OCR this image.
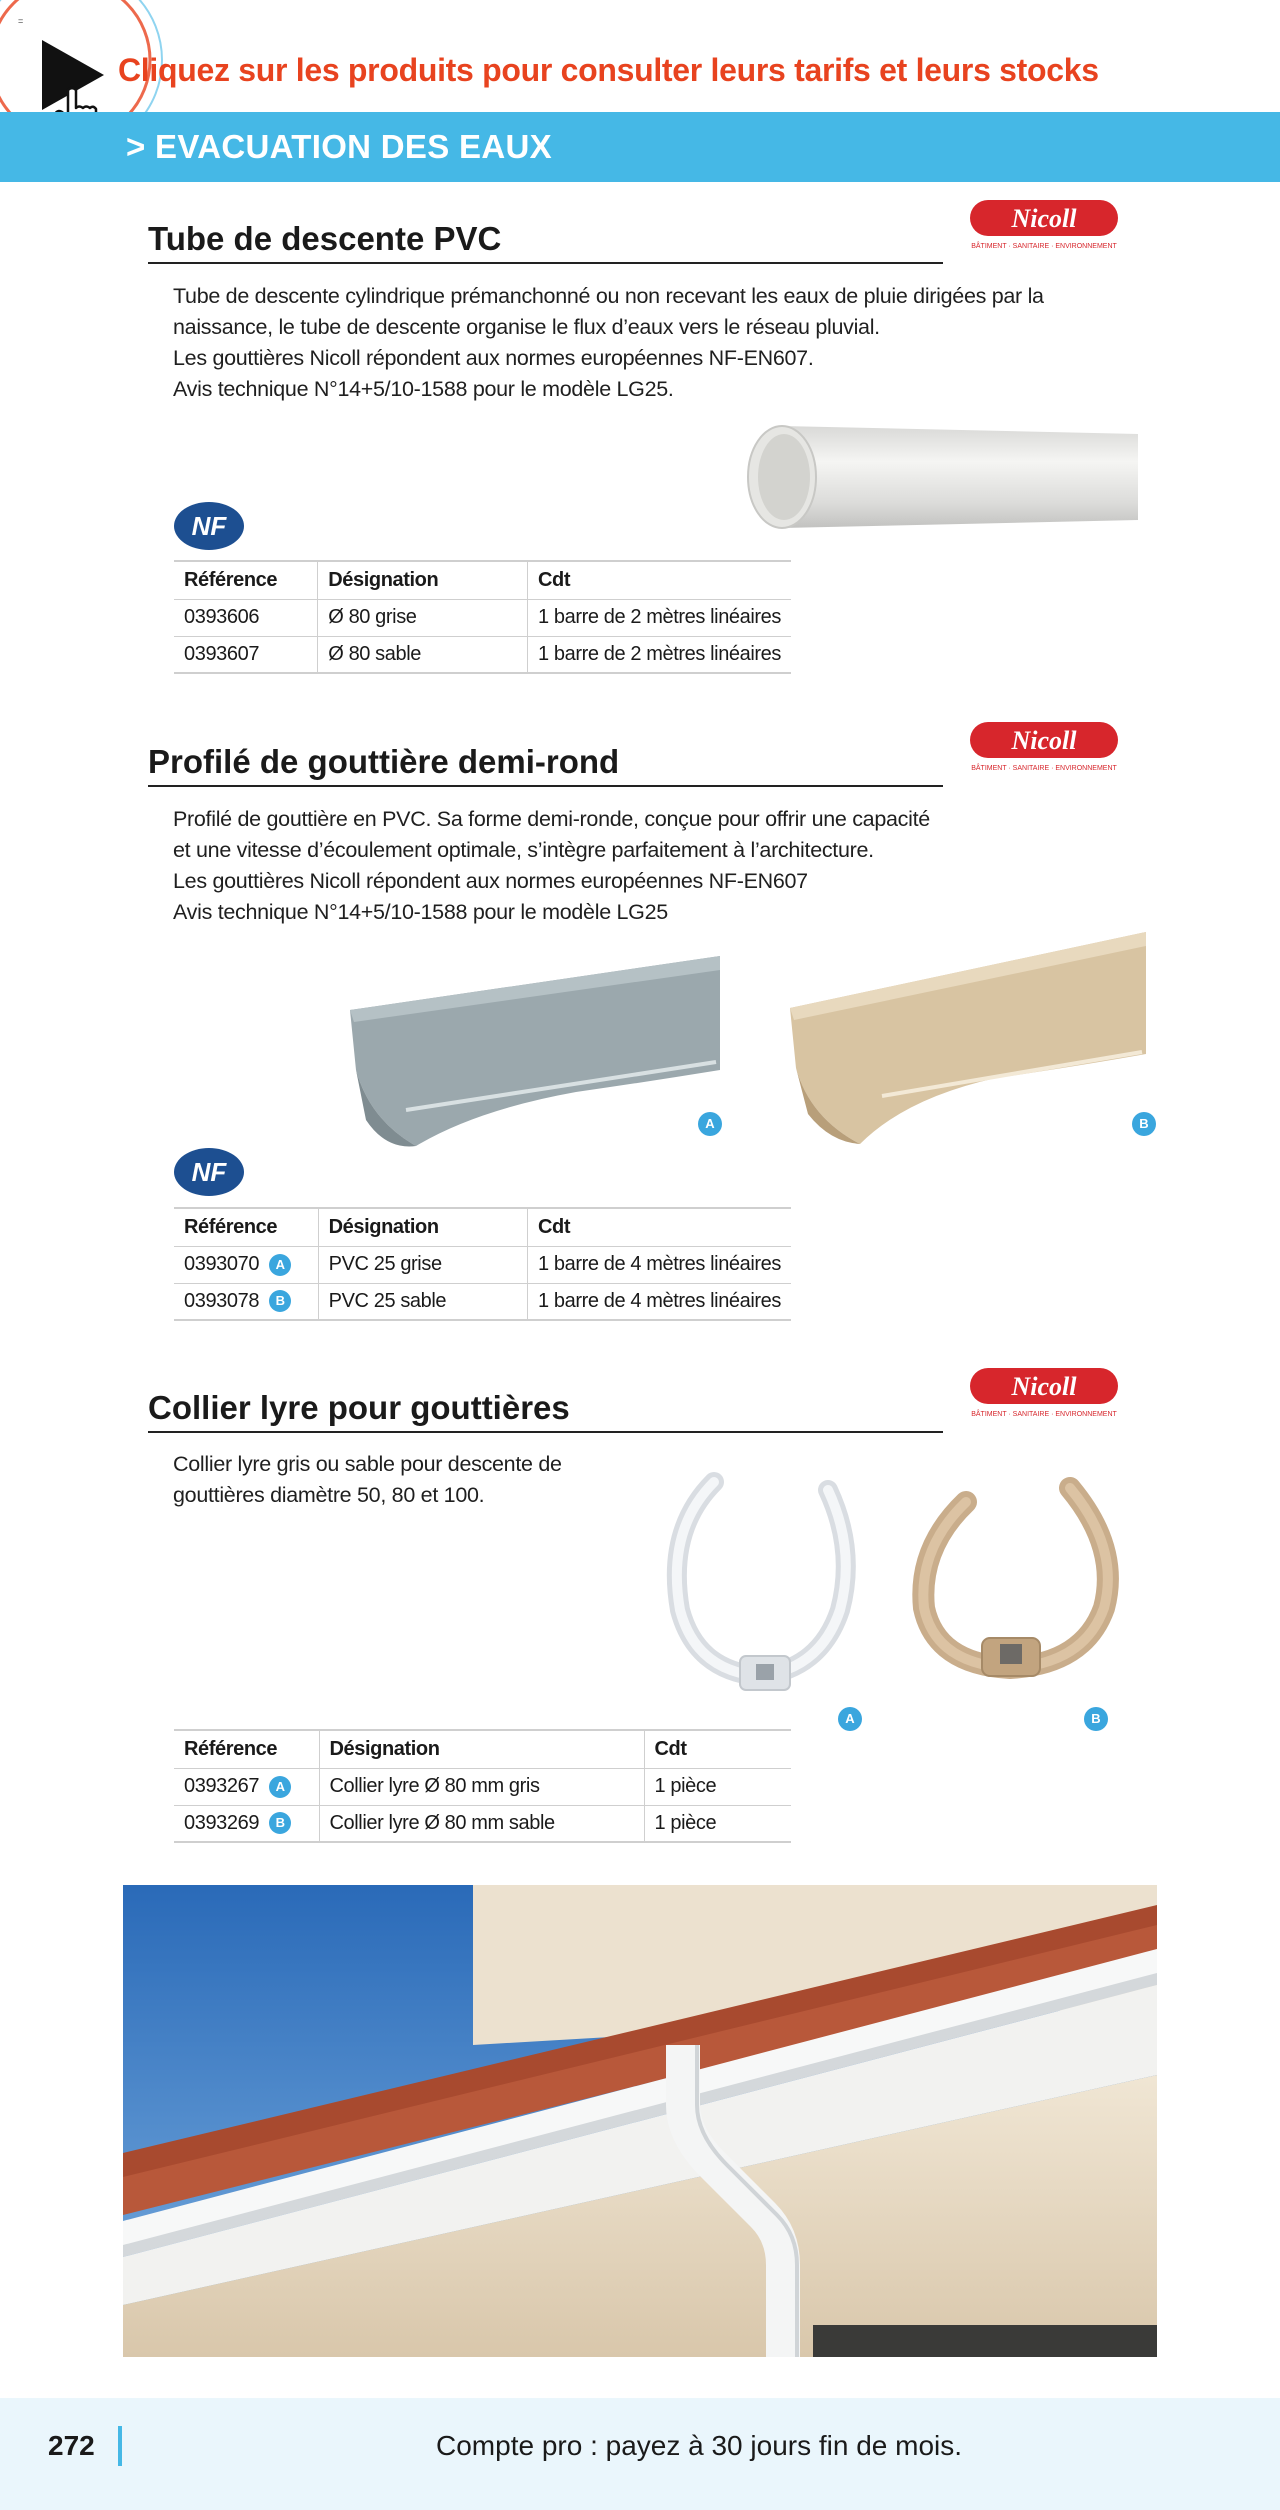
=
Cliquez sur les produits pour consulter leurs tarifs et leurs stocks
> EVACUATION DES EAUX
Tube de descente PVC
Nicoll
BÂTIMENT · SANITAIRE · ENVIRONNEMENT

Tube de descente cylindrique prémanchonné ou non recevant les eaux de pluie dirigées par la

naissance, le tube de descente organise le flux d’eaux vers le réseau pluvial.

Les gouttières Nicoll répondent aux normes européennes NF-EN607.

Avis technique N°14+5/10-1588 pour le modèle LG25.

NF
Référence	Désignation	Cdt
0393606	Ø 80 grise	1 barre de 2 mètres linéaires
0393607	Ø 80 sable	1 barre de 2 mètres linéaires
Profilé de gouttière demi-rond
Nicoll
BÂTIMENT · SANITAIRE · ENVIRONNEMENT

Profilé de gouttière en PVC. Sa forme demi-ronde, conçue pour offrir une capacité

et une vitesse d’écoulement optimale, s’intègre parfaitement à l’architecture.

Les gouttières Nicoll répondent aux normes européennes NF-EN607

Avis technique N°14+5/10-1588 pour le modèle LG25

A	B
NF
Référence	Désignation	Cdt
0393070 A	PVC 25 grise	1 barre de 4 mètres linéaires
0393078 B	PVC 25 sable	1 barre de 4 mètres linéaires
Collier lyre pour gouttières
Nicoll
BÂTIMENT · SANITAIRE · ENVIRONNEMENT

Collier lyre gris ou sable pour descente de

gouttières diamètre 50, 80 et 100.

A	B
Référence	Désignation	Cdt
0393267 A	Collier lyre Ø 80 mm gris	1 pièce
0393269 B	Collier lyre Ø 80 mm sable	1 pièce
272	Compte pro : payez à 30 jours fin de mois.
